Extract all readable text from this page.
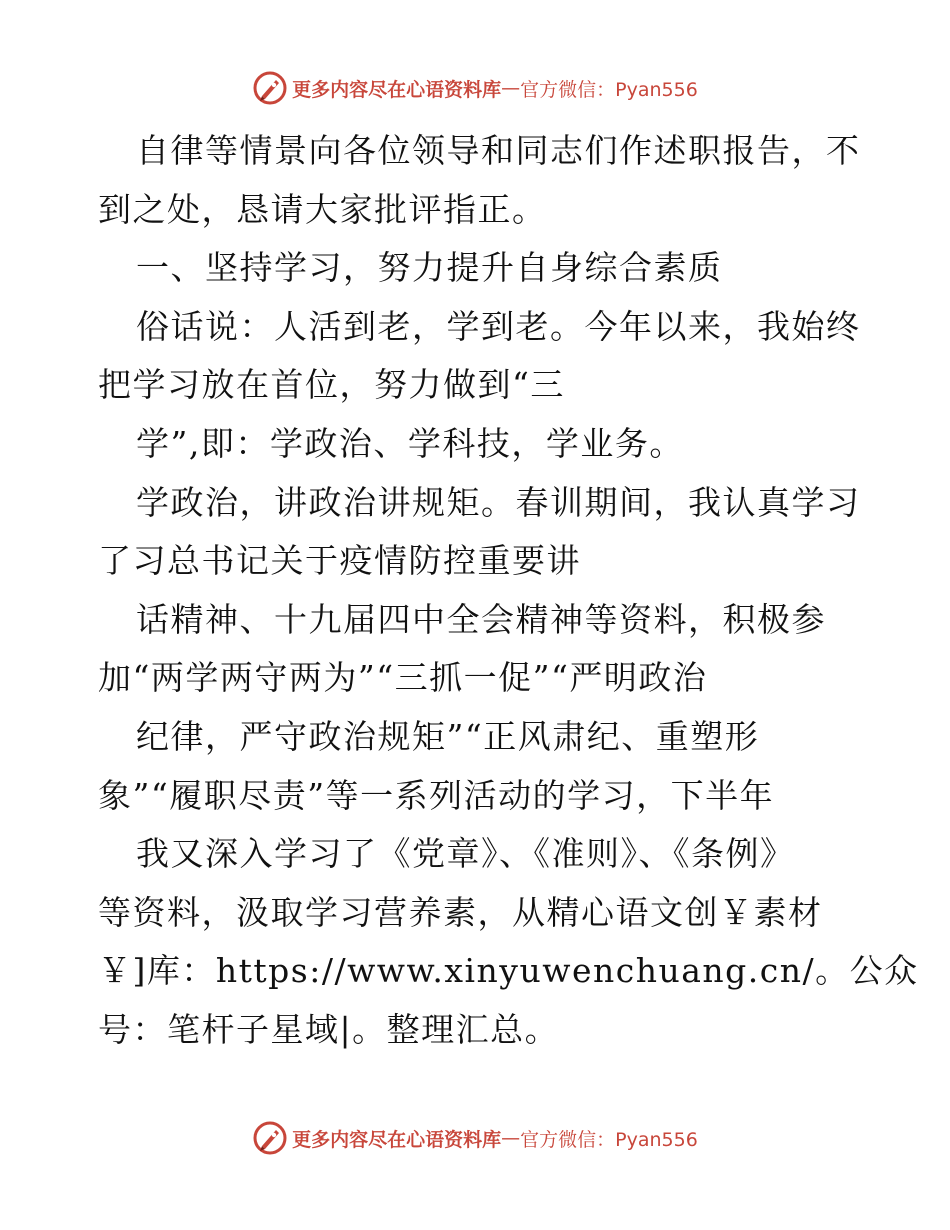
更多内容尽在心语资料库 — 官方微信：Pyan556
自律等情景向各位领导和同志们作述职报告，不
到之处，恳请大家批评指正。
一、坚持学习，努力提升自身综合素质
俗话说：人活到老，学到老。今年以来，我始终
把学习放在首位，努力做到“三
学”,即：学政治、学科技，学业务。
学政治，讲政治讲规矩。春训期间，我认真学习
了习总书记关于疫情防控重要讲
话精神、十九届四中全会精神等资料，积极参
加“两学两守两为”“三抓一促”“严明政治
纪律，严守政治规矩”“正风肃纪、重塑形
象”“履职尽责”等一系列活动的学习，下半年
我又深入学习了《党章》、《准则》、《条例》
等资料，汲取学习营养素，从精心语文创￥素材
￥]库：https://www.xinyuwenchuang.cn/。公众
号：笔杆子星域|。整理汇总。
更多内容尽在心语资料库 — 官方微信：Pyan556
